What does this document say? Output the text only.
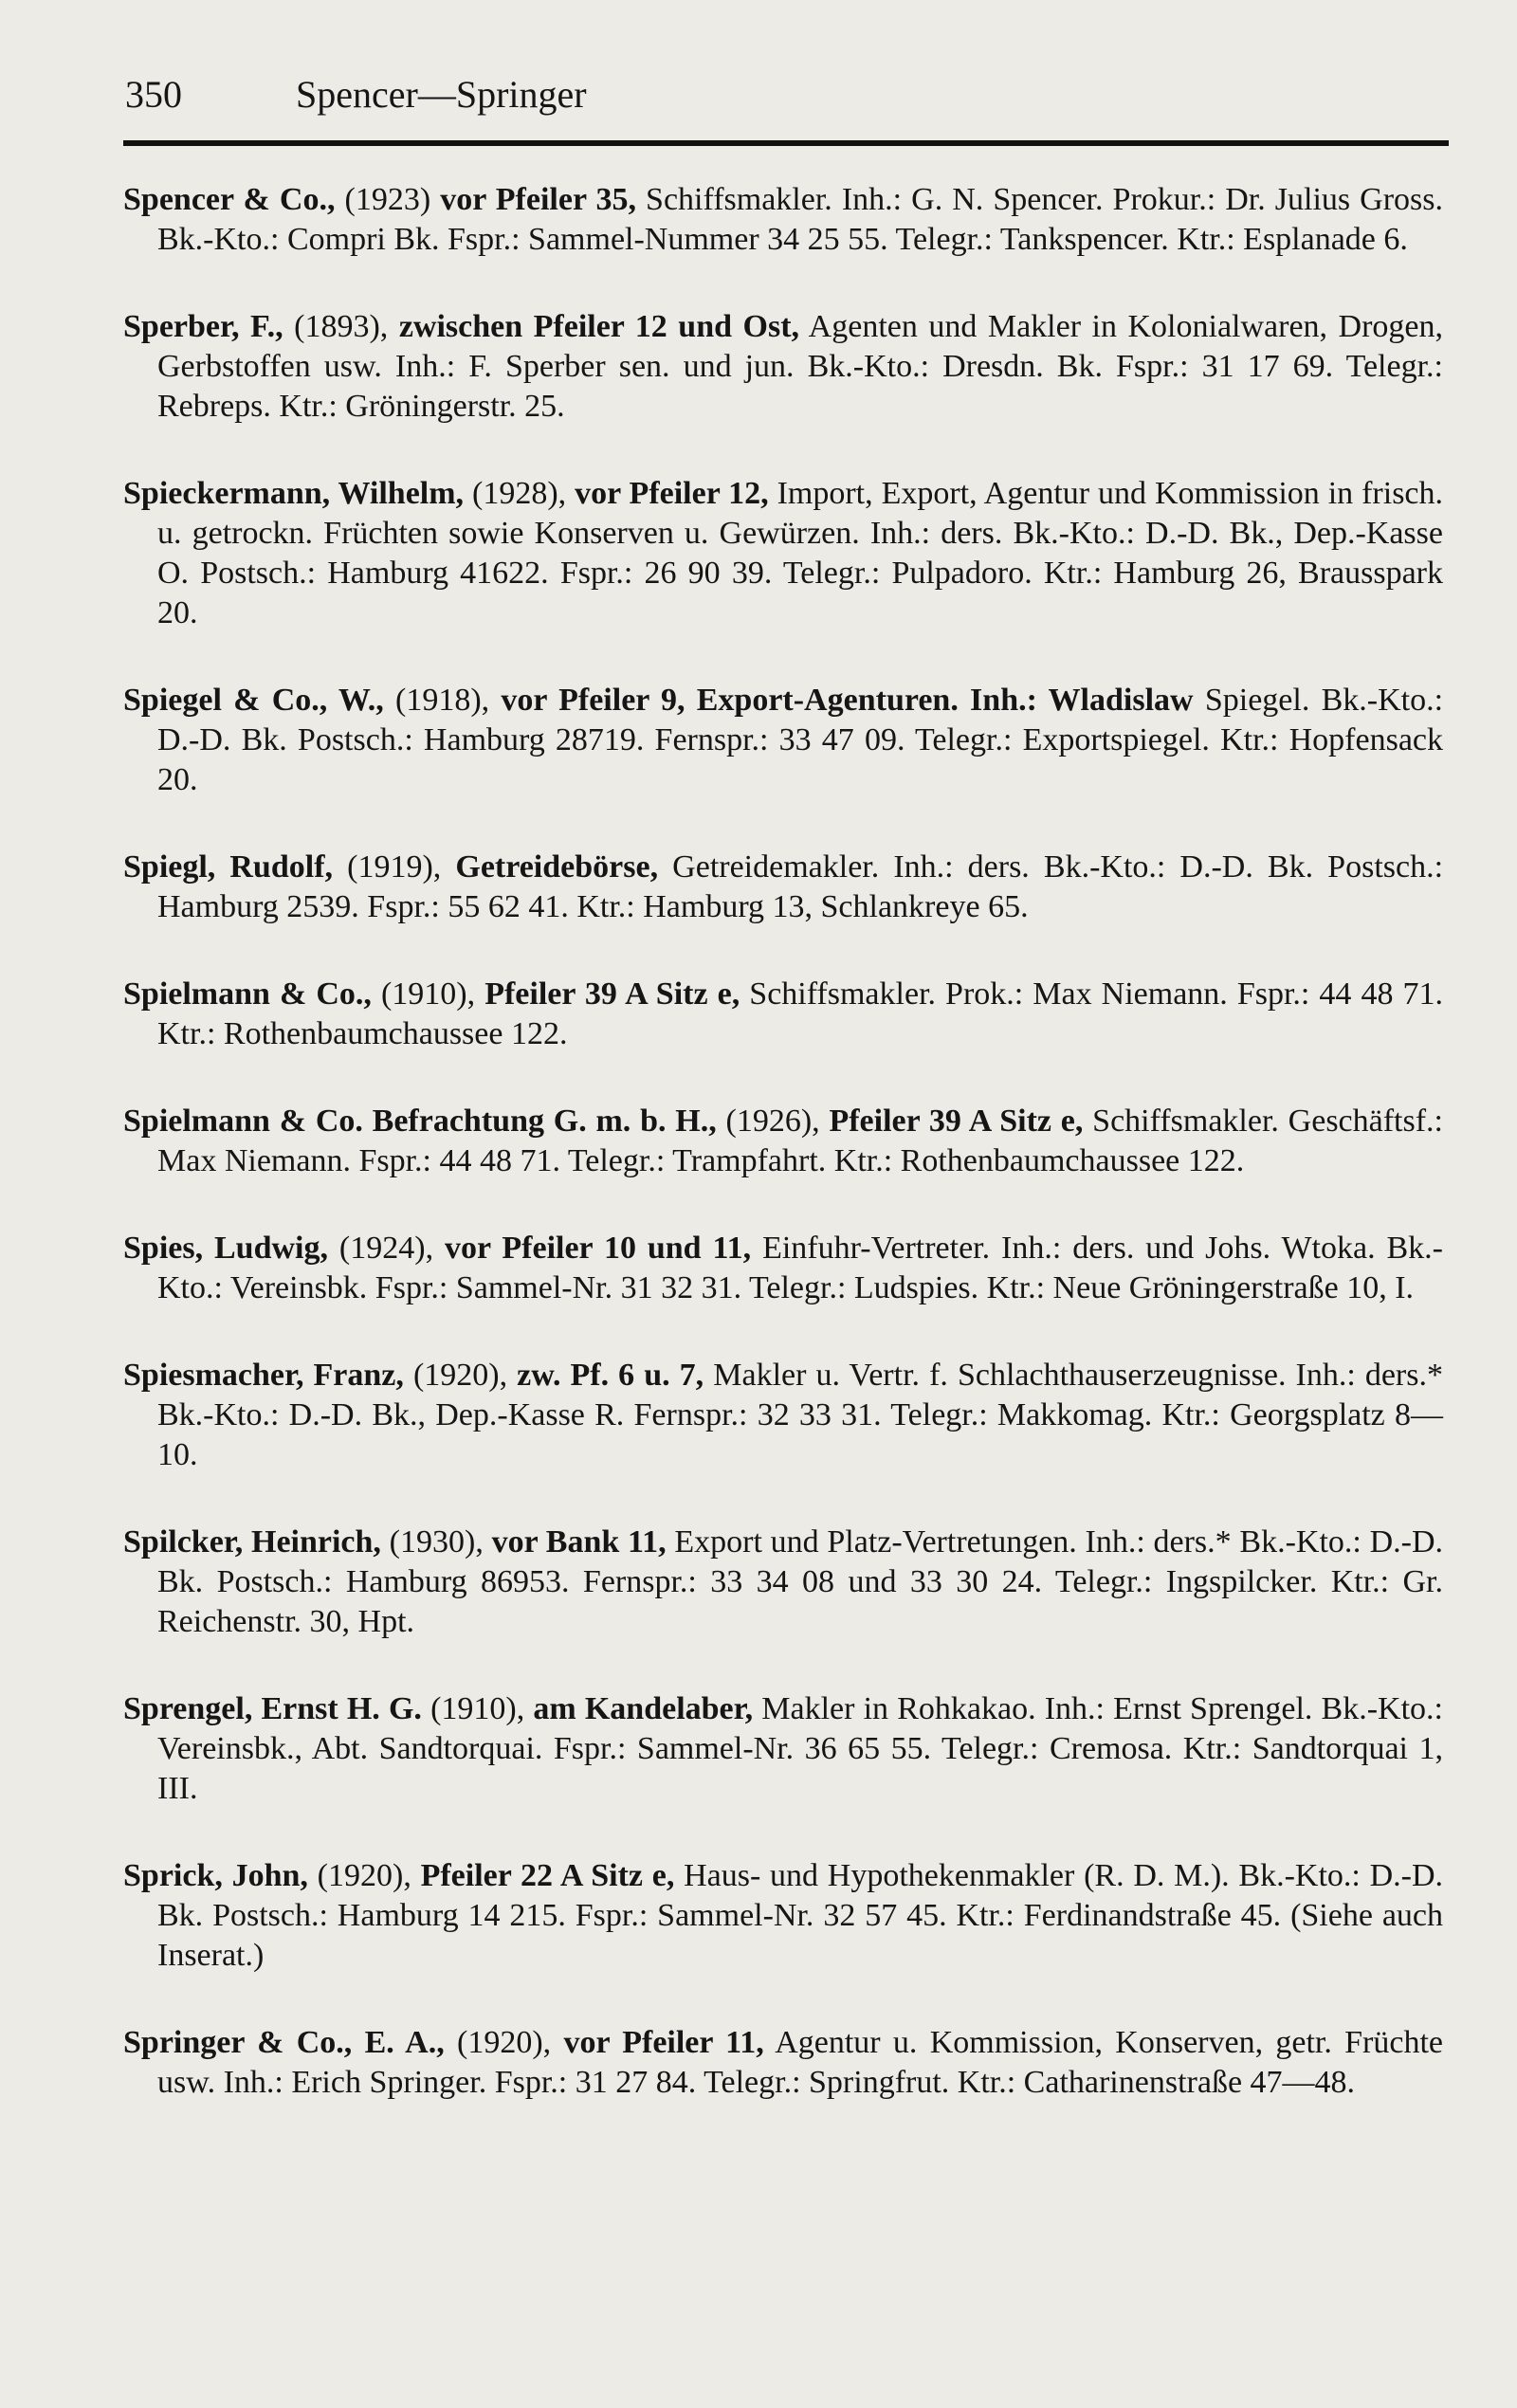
350	Spencer—Springer

Spencer & Co., (1923) vor Pfeiler 35, Schiffsmakler. Inh.: G. N. Spencer. Prokur.: Dr. Julius Gross. Bk.-Kto.: Compri Bk. Fspr.: Sammel-Nummer 34 25 55. Telegr.: Tankspencer. Ktr.: Esplanade 6.

Sperber, F., (1893), zwischen Pfeiler 12 und Ost, Agenten und Makler in Kolonialwaren, Drogen, Gerbstoffen usw. Inh.: F. Sperber sen. und jun. Bk.-Kto.: Dresdn. Bk. Fspr.: 31 17 69. Telegr.: Rebreps. Ktr.: Gröningerstr. 25.

Spieckermann, Wilhelm, (1928), vor Pfeiler 12, Import, Export, Agentur und Kommission in frisch. u. getrockn. Früchten sowie Konserven u. Gewürzen. Inh.: ders. Bk.-Kto.: D.-D. Bk., Dep.-Kasse O. Postsch.: Hamburg 41622. Fspr.: 26 90 39. Telegr.: Pulpadoro. Ktr.: Hamburg 26, Brausspark 20.

Spiegel & Co., W., (1918), vor Pfeiler 9, Export-Agenturen. Inh.: Wladislaw Spiegel. Bk.-Kto.: D.-D. Bk. Postsch.: Hamburg 28719. Fernspr.: 33 47 09. Telegr.: Exportspiegel. Ktr.: Hopfensack 20.

Spiegl, Rudolf, (1919), Getreidebörse, Getreidemakler. Inh.: ders. Bk.-Kto.: D.-D. Bk. Postsch.: Hamburg 2539. Fspr.: 55 62 41. Ktr.: Hamburg 13, Schlankreye 65.

Spielmann & Co., (1910), Pfeiler 39 A Sitz e, Schiffsmakler. Prok.: Max Niemann. Fspr.: 44 48 71. Ktr.: Rothenbaumchaussee 122.

Spielmann & Co. Befrachtung G. m. b. H., (1926), Pfeiler 39 A Sitz e, Schiffsmakler. Geschäftsf.: Max Niemann. Fspr.: 44 48 71. Telegr.: Trampfahrt. Ktr.: Rothenbaumchaussee 122.

Spies, Ludwig, (1924), vor Pfeiler 10 und 11, Einfuhr-Vertreter. Inh.: ders. und Johs. Wtoka. Bk.-Kto.: Vereinsbk. Fspr.: Sammel-Nr. 31 32 31. Telegr.: Ludspies. Ktr.: Neue Gröningerstraße 10, I.

Spiesmacher, Franz, (1920), zw. Pf. 6 u. 7, Makler u. Vertr. f. Schlachthauserzeugnisse. Inh.: ders.* Bk.-Kto.: D.-D. Bk., Dep.-Kasse R. Fernspr.: 32 33 31. Telegr.: Makkomag. Ktr.: Georgsplatz 8—10.

Spilcker, Heinrich, (1930), vor Bank 11, Export und Platz-Vertretungen. Inh.: ders.* Bk.-Kto.: D.-D. Bk. Postsch.: Hamburg 86953. Fernspr.: 33 34 08 und 33 30 24. Telegr.: Ingspilcker. Ktr.: Gr. Reichenstr. 30, Hpt.

Sprengel, Ernst H. G. (1910), am Kandelaber, Makler in Rohkakao. Inh.: Ernst Sprengel. Bk.-Kto.: Vereinsbk., Abt. Sandtorquai. Fspr.: Sammel-Nr. 36 65 55. Telegr.: Cremosa. Ktr.: Sandtorquai 1, III.

Sprick, John, (1920), Pfeiler 22 A Sitz e, Haus- und Hypothekenmakler (R. D. M.). Bk.-Kto.: D.-D. Bk. Postsch.: Hamburg 14 215. Fspr.: Sammel-Nr. 32 57 45. Ktr.: Ferdinandstraße 45. (Siehe auch Inserat.)

Springer & Co., E. A., (1920), vor Pfeiler 11, Agentur u. Kommission, Konserven, getr. Früchte usw. Inh.: Erich Springer. Fspr.: 31 27 84. Telegr.: Springfrut. Ktr.: Catharinenstraße 47—48.
